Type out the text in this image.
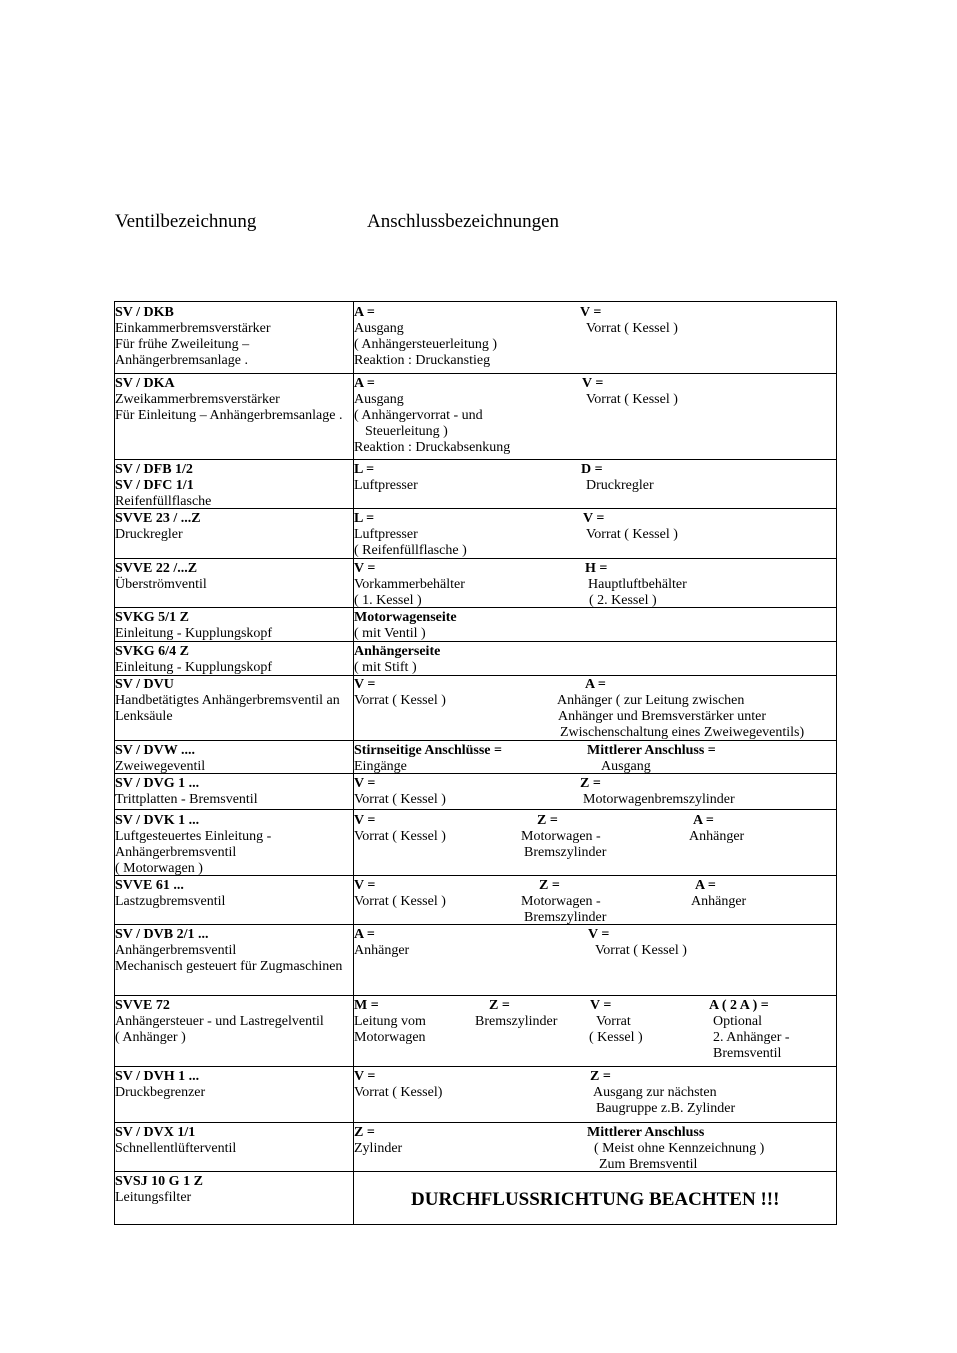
Ventilbezeichnung	Anschlussbezeichnungen
SV / DKB
Einkammerbremsverstärker
Für frühe Zweileitung –
Anhängerbremsanlage .
A =
Ausgang
( Anhängersteuerleitung )
Reaktion : Druckanstieg
V =
Vorrat ( Kessel )
SV / DKA
Zweikammerbremsverstärker
Für Einleitung – Anhängerbremsanlage .
A =
Ausgang
( Anhängervorrat - und
Steuerleitung )
Reaktion : Druckabsenkung
V =
Vorrat ( Kessel )
SV / DFB 1/2
SV / DFC 1/1
Reifenfüllflasche
L =
Luftpresser
D =
Druckregler
SVVE 23 / ...Z
Druckregler
L =
Luftpresser
( Reifenfüllflasche )
V =
Vorrat ( Kessel )
SVVE 22 /...Z
Überströmventil
V =
Vorkammerbehälter
( 1. Kessel )
H =
Hauptluftbehälter
( 2. Kessel )
SVKG 5/1 Z
Einleitung - Kupplungskopf
Motorwagenseite
( mit Ventil )
SVKG 6/4 Z
Einleitung - Kupplungskopf
Anhängerseite
( mit Stift )
SV / DVU
Handbetätigtes Anhängerbremsventil an
Lenksäule
V =
Vorrat ( Kessel )
A =
Anhänger ( zur Leitung zwischen
Anhänger und Bremsverstärker unter
Zwischenschaltung eines Zweiwegeventils)
SV / DVW ....
Zweiwegeventil
Stirnseitige Anschlüsse =
Eingänge
Mittlerer Anschluss =
Ausgang
SV / DVG 1 ...
Trittplatten - Bremsventil
V =
Vorrat ( Kessel )
Z =
Motorwagenbremszylinder
SV / DVK 1 ...
Luftgesteuertes Einleitung -
Anhängerbremsventil
( Motorwagen )
V =
Vorrat ( Kessel )
Z =
Motorwagen -
Bremszylinder
A =
Anhänger
SVVE 61 ...
Lastzugbremsventil
V =
Vorrat ( Kessel )
Z =
Motorwagen -
Bremszylinder
A =
Anhänger
SV / DVB 2/1 ...
Anhängerbremsventil
Mechanisch gesteuert für Zugmaschinen
A =
Anhänger
V =
Vorrat ( Kessel )
SVVE 72
Anhängersteuer - und Lastregelventil
( Anhänger )
M =
Leitung vom
Motorwagen
Z =
Bremszylinder
V =
Vorrat
( Kessel )
A ( 2 A ) =
Optional
2. Anhänger -
Bremsventil
SV / DVH 1 ...
Druckbegrenzer
V =
Vorrat ( Kessel)
Z =
Ausgang zur nächsten
Baugruppe z.B. Zylinder
SV / DVX 1/1
Schnellentlüfterventil
Z =
Zylinder
Mittlerer Anschluss
( Meist ohne Kennzeichnung )
Zum Bremsventil
SVSJ 10 G 1 Z
Leitungsfilter	DURCHFLUSSRICHTUNG BEACHTEN !!!
